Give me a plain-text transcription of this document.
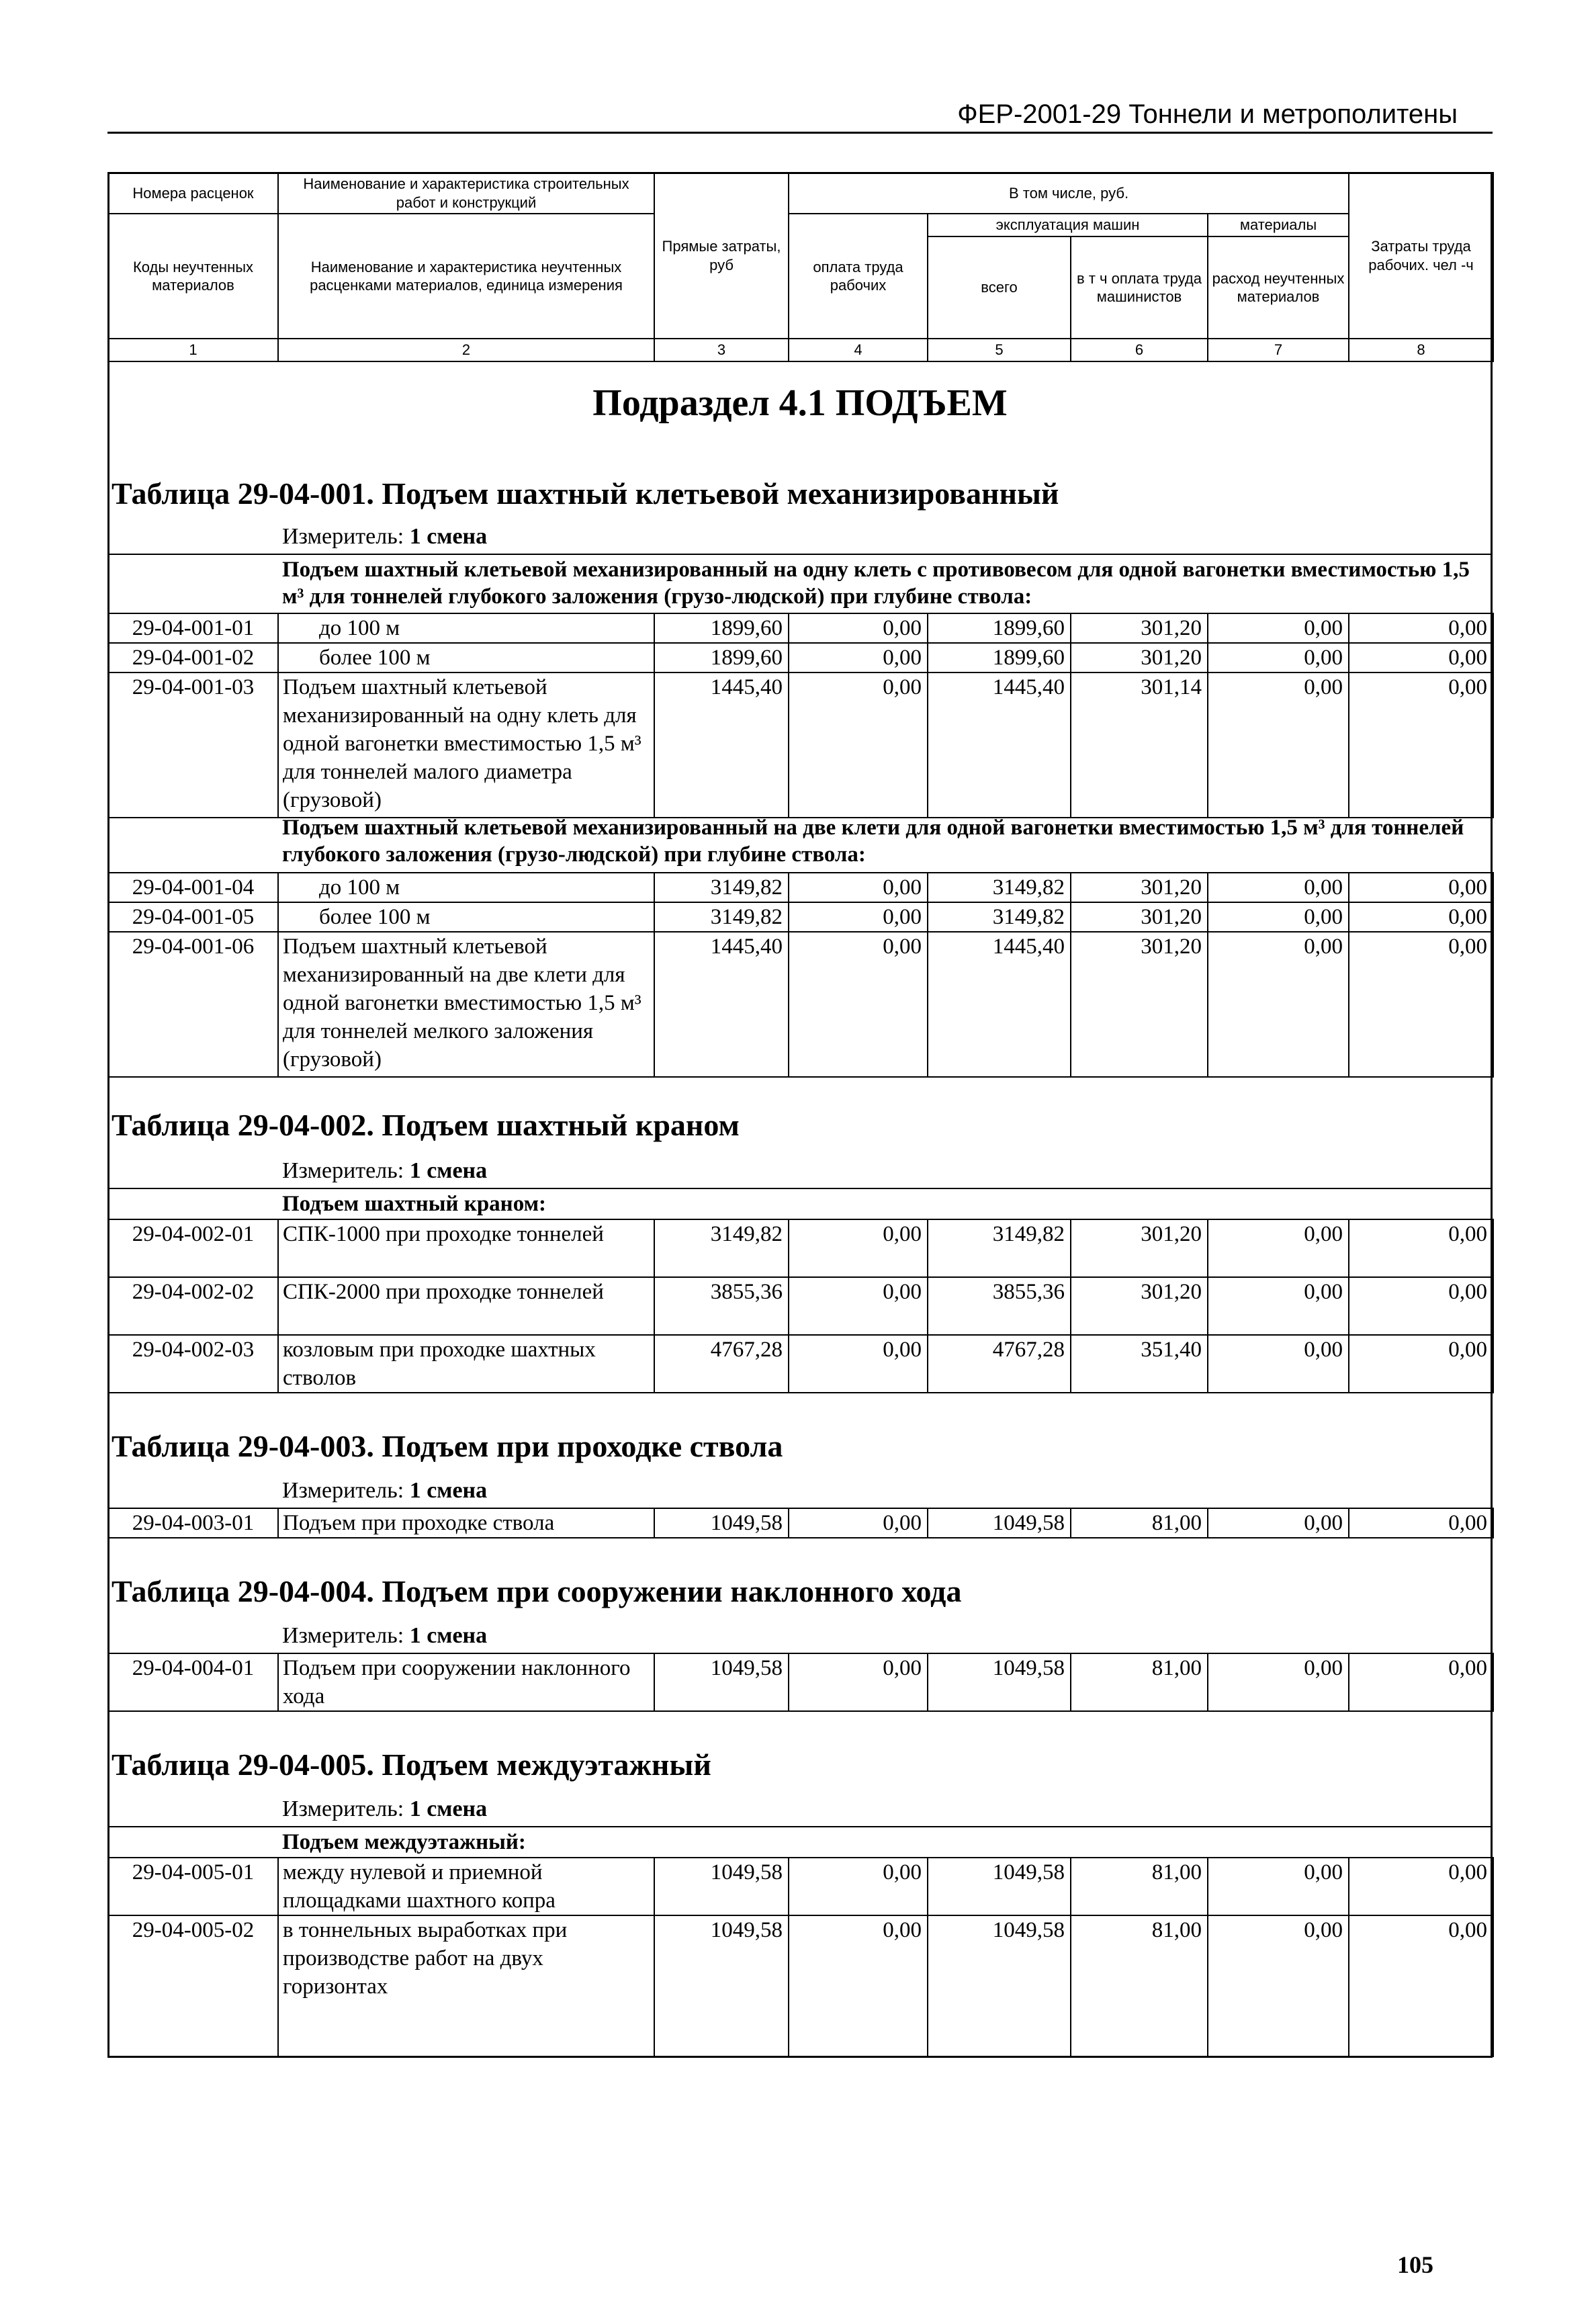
ФЕР-2001-29 Тоннели и метрополитены
Номера расценок	Наименование и характеристика строительных работ и конструкций	Прямые затраты, руб	В том числе, руб.				Затраты труда рабочих. чел -ч
Коды неучтенных материалов	Наименование и характеристика неучтенных расценками материалов, единица измерения		оплата труда рабочих	эксплуатация машин		материалы	
				всего	в т ч оплата труда машинистов	расход неучтенных материалов	
1	2	3	4	5	6	7	8
Подраздел 4.1 ПОДЪЕМ
Таблица 29-04-001. Подъем шахтный клетьевой механизированный
Измеритель: 1 смена
Подъем шахтный клетьевой механизированный на одну клеть с противовесом для одной вагонетки вместимостью 1,5 м³ для тоннелей глубокого заложения (грузо-людской) при глубине ствола:
29-04-001-01	до 100 м	1899,60	0,00	1899,60	301,20	0,00	0,00
29-04-001-02	более 100 м	1899,60	0,00	1899,60	301,20	0,00	0,00
29-04-001-03	Подъем шахтный клетьевой механизированный на одну клеть для одной вагонетки вместимостью 1,5 м³ для тоннелей малого диаметра (грузовой)	1445,40	0,00	1445,40	301,14	0,00	0,00
Подъем шахтный клетьевой механизированный на две клети для одной вагонетки вместимостью 1,5 м³ для тоннелей глубокого заложения (грузо-людской) при глубине ствола:
29-04-001-04	до 100 м	3149,82	0,00	3149,82	301,20	0,00	0,00
29-04-001-05	более 100 м	3149,82	0,00	3149,82	301,20	0,00	0,00
29-04-001-06	Подъем шахтный клетьевой механизированный на две клети для одной вагонетки вместимостью 1,5 м³ для тоннелей мелкого заложения (грузовой)	1445,40	0,00	1445,40	301,20	0,00	0,00
Таблица 29-04-002. Подъем шахтный краном
Измеритель: 1 смена
Подъем шахтный краном:
29-04-002-01	СПК-1000 при проходке тоннелей	3149,82	0,00	3149,82	301,20	0,00	0,00
29-04-002-02	СПК-2000 при проходке тоннелей	3855,36	0,00	3855,36	301,20	0,00	0,00
29-04-002-03	козловым при проходке шахтных стволов	4767,28	0,00	4767,28	351,40	0,00	0,00
Таблица 29-04-003. Подъем при проходке ствола
Измеритель: 1 смена
29-04-003-01	Подъем при проходке ствола	1049,58	0,00	1049,58	81,00	0,00	0,00
Таблица 29-04-004. Подъем при сооружении наклонного хода
Измеритель: 1 смена
29-04-004-01	Подъем при сооружении наклонного хода	1049,58	0,00	1049,58	81,00	0,00	0,00
Таблица 29-04-005. Подъем междуэтажный
Измеритель: 1 смена
Подъем междуэтажный:
29-04-005-01	между нулевой и приемной площадками шахтного копра	1049,58	0,00	1049,58	81,00	0,00	0,00
29-04-005-02	в тоннельных выработках при производстве работ на двух горизонтах	1049,58	0,00	1049,58	81,00	0,00	0,00
105
